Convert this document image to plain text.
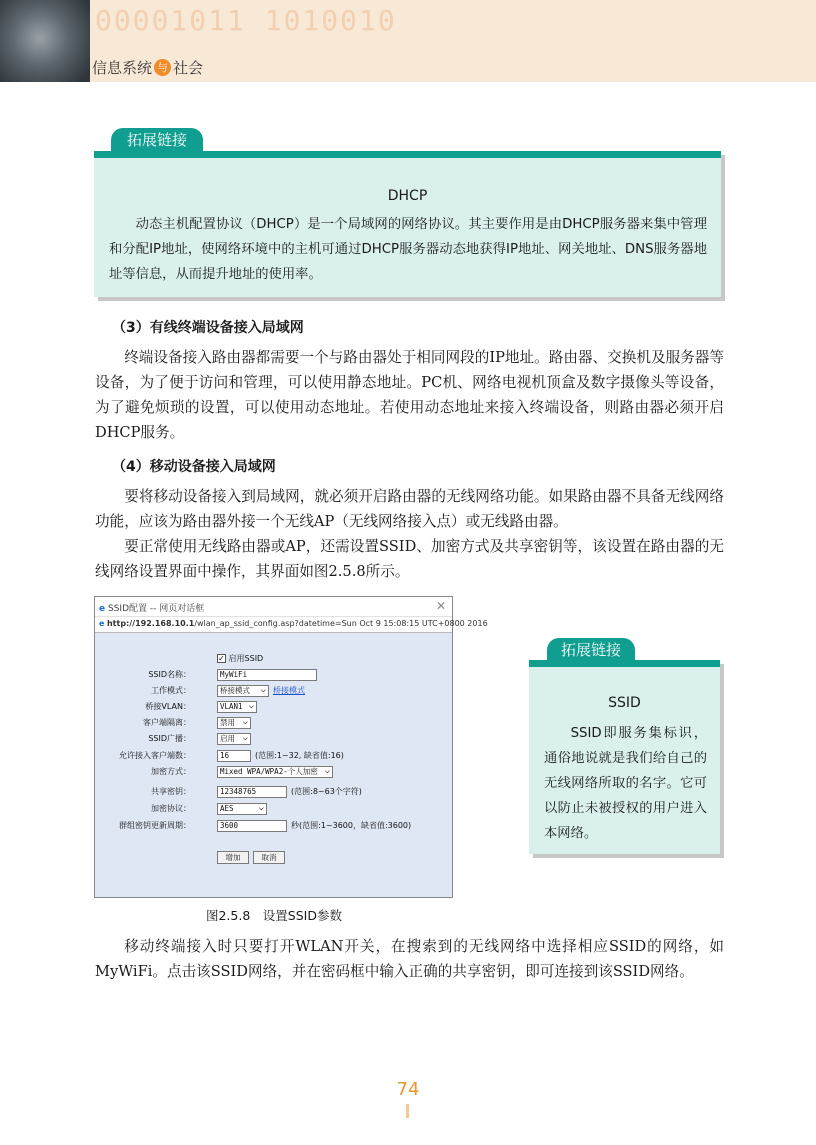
00001011 1010010
信息系统 与 社会
拓展链接
DHCP
动态主机配置协议（DHCP）是一个局域网的网络协议。其主要作用是由DHCP服务器来集中管理和分配IP地址，使网络环境中的主机可通过DHCP服务器动态地获得IP地址、网关地址、DNS服务器地址等信息，从而提升地址的使用率。
（3）有线终端设备接入局域网
终端设备接入路由器都需要一个与路由器处于相同网段的IP地址。路由器、交换机及服务器等设备，为了便于访问和管理，可以使用静态地址。PC机、网络电视机顶盒及数字摄像头等设备，为了避免烦琐的设置，可以使用动态地址。若使用动态地址来接入终端设备，则路由器必须开启DHCP服务。
（4）移动设备接入局域网
要将移动设备接入到局域网，就必须开启路由器的无线网络功能。如果路由器不具备无线网络功能，应该为路由器外接一个无线AP（无线网络接入点）或无线路由器。
要正常使用无线路由器或AP，还需设置SSID、加密方式及共享密钥等，该设置在路由器的无线网络设置界面中操作，其界面如图2.5.8所示。
e SSID配置 -- 网页对话框	✕
e http://192.168.10.1/wlan_ap_ssid_config.asp?datetime=Sun Oct 9 15:08:15 UTC+0800 2016
✓ 启用SSID
SSID名称：	MyWiFi
工作模式：	桥接模式 ⌵	桥接模式
桥接VLAN：	VLAN1 ⌵
客户端隔离：	禁用 ⌵
SSID广播：	启用 ⌵
允许接入客户端数：	16	(范围:1~32, 缺省值:16)
加密方式：	Mixed WPA/WPA2-个人加密 ⌵
共享密钥：	12348765	(范围:8~63个字符)
加密协议：	AES ⌵
群组密钥更新周期：	3600	秒(范围:1~3600，缺省值:3600)
增加	取消
图2.5.8　设置SSID参数
拓展链接
SSID
SSID即服务集标识，通俗地说就是我们给自己的无线网络所取的名字。它可以防止未被授权的用户进入本网络。
移动终端接入时只要打开WLAN开关，在搜索到的无线网络中选择相应SSID的网络，如MyWiFi。点击该SSID网络，并在密码框中输入正确的共享密钥，即可连接到该SSID网络。
74
